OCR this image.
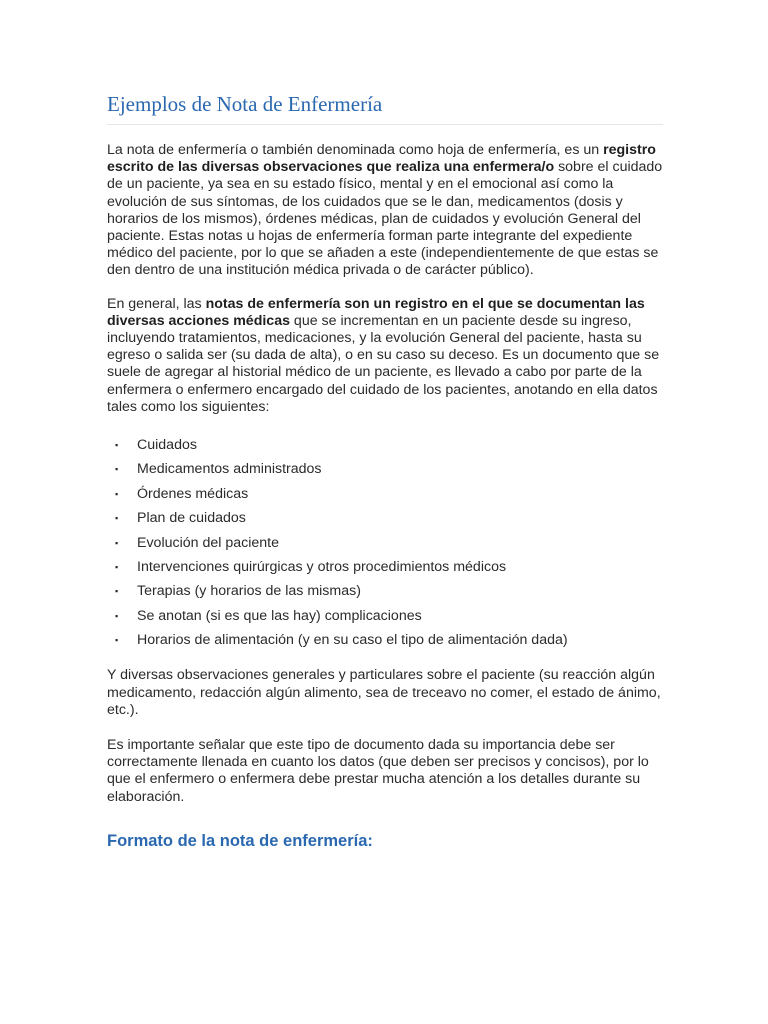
Ejemplos de Nota de Enfermería

La nota de enfermería o también denominada como hoja de enfermería, es un registro escrito de las diversas observaciones que realiza una enfermera/o sobre el cuidado de un paciente, ya sea en su estado físico, mental y en el emocional así como la evolución de sus síntomas, de los cuidados que se le dan, medicamentos (dosis y horarios de los mismos), órdenes médicas, plan de cuidados y evolución General del paciente. Estas notas u hojas de enfermería forman parte integrante del expediente médico del paciente, por lo que se añaden a este (independientemente de que estas se den dentro de una institución médica privada o de carácter público).

En general, las notas de enfermería son un registro en el que se documentan las diversas acciones médicas que se incrementan en un paciente desde su ingreso, incluyendo tratamientos, medicaciones, y la evolución General del paciente, hasta su egreso o salida ser (su dada de alta), o en su caso su deceso. Es un documento que se suele de agregar al historial médico de un paciente, es llevado a cabo por parte de la enfermera o enfermero encargado del cuidado de los pacientes, anotando en ella datos tales como los siguientes:

▪ Cuidados
▪ Medicamentos administrados
▪ Órdenes médicas
▪ Plan de cuidados
▪ Evolución del paciente
▪ Intervenciones quirúrgicas y otros procedimientos médicos
▪ Terapias (y horarios de las mismas)
▪ Se anotan (si es que las hay) complicaciones
▪ Horarios de alimentación (y en su caso el tipo de alimentación dada)

Y diversas observaciones generales y particulares sobre el paciente (su reacción algún medicamento, redacción algún alimento, sea de treceavo no comer, el estado de ánimo, etc.).

Es importante señalar que este tipo de documento dada su importancia debe ser correctamente llenada en cuanto los datos (que deben ser precisos y concisos), por lo que el enfermero o enfermera debe prestar mucha atención a los detalles durante su elaboración.

Formato de la nota de enfermería:
